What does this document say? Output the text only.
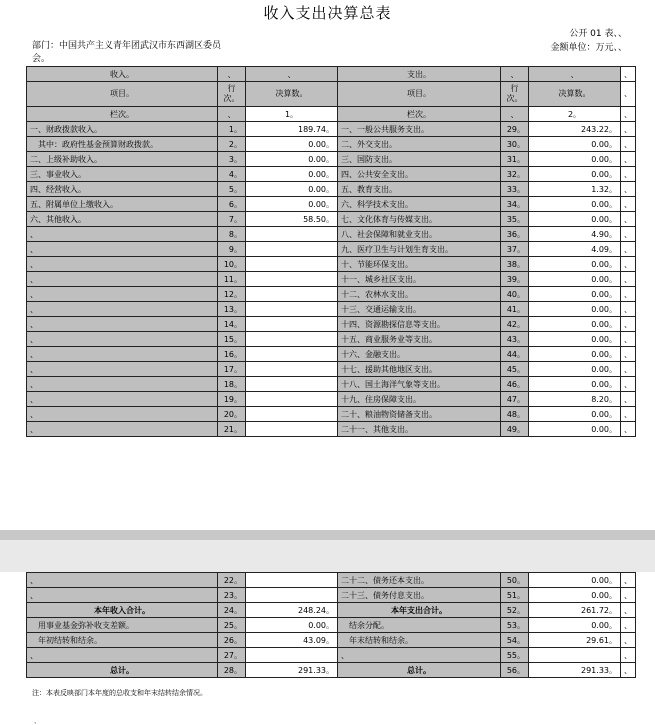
收入支出决算总表
公开 01 表、、
部门：中国共产主义青年团武汉市东西湖区委员会。
金额单位：万元、、
收入。	、	、	支出。	、	、	、
项目。	行次。	决算数。	项目。	行次。	决算数。	、
栏次。	、	1。	栏次。	、	2。	、
一、财政拨款收入。	1。	189.74。	一、一般公共服务支出。	29。	243.22。	、
　其中：政府性基金预算财政拨款。	2。	0.00。	二、外交支出。	30。	0.00。	、
二、上级补助收入。	3。	0.00。	三、国防支出。	31。	0.00。	、
三、事业收入。	4。	0.00。	四、公共安全支出。	32。	0.00。	、
四、经营收入。	5。	0.00。	五、教育支出。	33。	1.32。	、
五、附属单位上缴收入。	6。	0.00。	六、科学技术支出。	34。	0.00。	、
六、其他收入。	7。	58.50。	七、文化体育与传媒支出。	35。	0.00。	、
、	8。		八、社会保障和就业支出。	36。	4.90。	、
、	9。		九、医疗卫生与计划生育支出。	37。	4.09。	、
、	10。		十、节能环保支出。	38。	0.00。	、
、	11。		十一、城乡社区支出。	39。	0.00。	、
、	12。		十二、农林水支出。	40。	0.00。	、
、	13。		十三、交通运输支出。	41。	0.00。	、
、	14。		十四、资源勘探信息等支出。	42。	0.00。	、
、	15。		十五、商业服务业等支出。	43。	0.00。	、
、	16。		十六、金融支出。	44。	0.00。	、
、	17。		十七、援助其他地区支出。	45。	0.00。	、
、	18。		十八、国土海洋气象等支出。	46。	0.00。	、
、	19。		十九、住房保障支出。	47。	8.20。	、
、	20。		二十、粮油物资储备支出。	48。	0.00。	、
、	21。		二十一、其他支出。	49。	0.00。	、
、	22。		二十二、债务还本支出。	50。	0.00。	、
、	23。		二十三、债务付息支出。	51。	0.00。	、
本年收入合计。	24。	248.24。	本年支出合计。	52。	261.72。	、
　用事业基金弥补收支差额。	25。	0.00。	　结余分配。	53。	0.00。	、
　年初结转和结余。	26。	43.09。	　年末结转和结余。	54。	29.61。	、
、	27。		、	55。		、
总计。	28。	291.33。	总计。	56。	291.33。	、
注：本表反映部门本年度的总收支和年末结转结余情况。
、
